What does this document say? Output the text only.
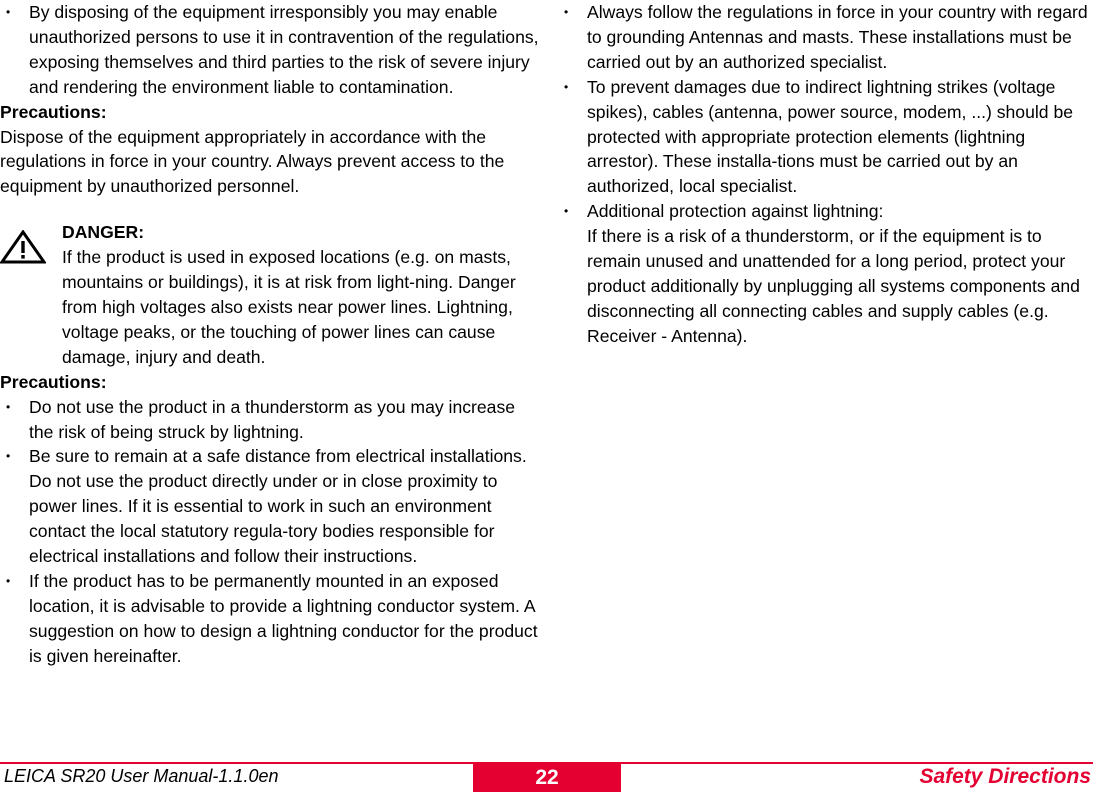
• By disposing of the equipment irresponsibly you may enable unauthorized persons to use it in contravention of the regulations, exposing themselves and third parties to the risk of severe injury and rendering the environment liable to contamination.
Precautions:
Dispose of the equipment appropriately in accordance with the regulations in force in your country. Always prevent access to the equipment by unauthorized personnel.
DANGER:
If the product is used in exposed locations (e.g. on masts, mountains or buildings), it is at risk from light-ning. Danger from high voltages also exists near power lines. Lightning, voltage peaks, or the touching of power lines can cause damage, injury and death.
Precautions:
• Do not use the product in a thunderstorm as you may increase the risk of being struck by lightning.
• Be sure to remain at a safe distance from electrical installations. Do not use the product directly under or in close proximity to power lines. If it is essential to work in such an environment contact the local statutory regula-tory bodies responsible for electrical installations and follow their instructions.
• If the product has to be permanently mounted in an exposed location, it is advisable to provide a lightning conductor system. A suggestion on how to design a lightning conductor for the product is given hereinafter.
• Always follow the regulations in force in your country with regard to grounding Antennas and masts. These installations must be carried out by an authorized specialist.
• To prevent damages due to indirect lightning strikes (voltage spikes), cables (antenna, power source, modem, ...) should be protected with appropriate protection elements (lightning arrestor). These installa-tions must be carried out by an authorized, local specialist.
• Additional protection against lightning:
If there is a risk of a thunderstorm, or if the equipment is to remain unused and unattended for a long period, protect your product additionally by unplugging all systems components and disconnecting all connecting cables and supply cables (e.g. Receiver - Antenna).
LEICA SR20 User Manual-1.1.0en	22	Safety Directions
